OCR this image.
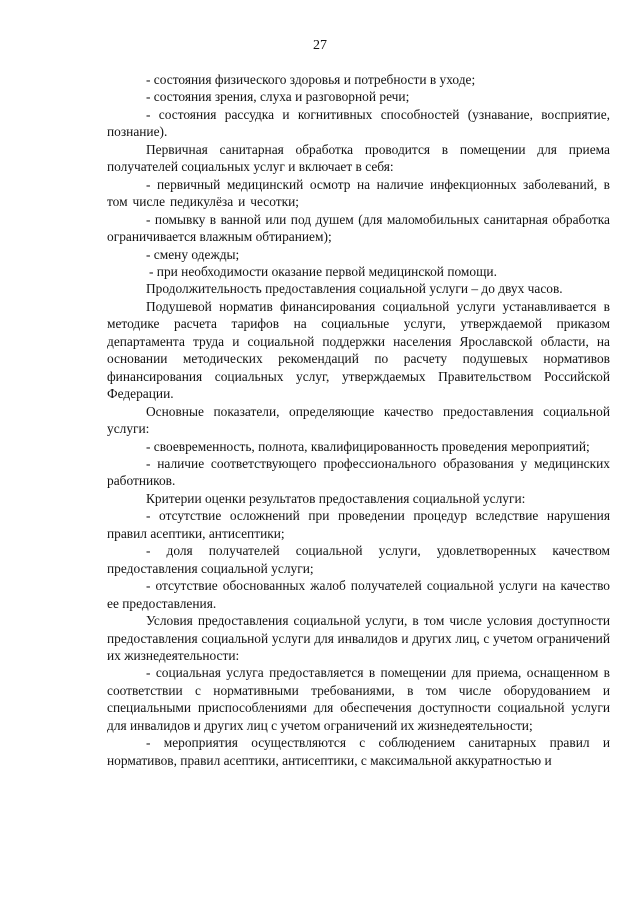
27

- состояния физического здоровья и потребности в уходе;

- состояния зрения, слуха и разговорной речи;

- состояния рассудка и когнитивных способностей (узнавание, восприятие, познание).

Первичная санитарная обработка проводится в помещении для приема получателей социальных услуг и включает в себя:

- первичный медицинский осмотр на наличие инфекционных заболеваний, в том числе педикулёза и чесотки;

- помывку в ванной или под душем (для маломобильных санитарная обработка ограничивается влажным обтиранием);

- смену одежды;

- при необходимости оказание первой медицинской помощи.

Продолжительность предоставления социальной услуги – до двух часов.

Подушевой норматив финансирования социальной услуги устанавливается в методике расчета тарифов на социальные услуги, утверждаемой приказом департамента труда и социальной поддержки населения Ярославской области, на основании методических рекомендаций по расчету подушевых нормативов финансирования социальных услуг, утверждаемых Правительством Российской Федерации.

Основные показатели, определяющие качество предоставления социальной услуги:

- своевременность, полнота, квалифицированность проведения мероприятий;

- наличие соответствующего профессионального образования у медицинских работников.

Критерии оценки результатов предоставления социальной услуги:

- отсутствие осложнений при проведении процедур вследствие нарушения правил асептики, антисептики;

- доля получателей социальной услуги, удовлетворенных качеством предоставления социальной услуги;

- отсутствие обоснованных жалоб получателей социальной услуги на качество ее предоставления.

Условия предоставления социальной услуги, в том числе условия доступности предоставления социальной услуги для инвалидов и других лиц, с учетом ограничений их жизнедеятельности:

- социальная услуга предоставляется в помещении для приема, оснащенном в соответствии с нормативными требованиями, в том числе оборудованием и специальными приспособлениями для обеспечения доступности социальной услуги для инвалидов и других лиц с учетом ограничений их жизнедеятельности;

- мероприятия осуществляются с соблюдением санитарных правил и нормативов, правил асептики, антисептики, с максимальной аккуратностью и
